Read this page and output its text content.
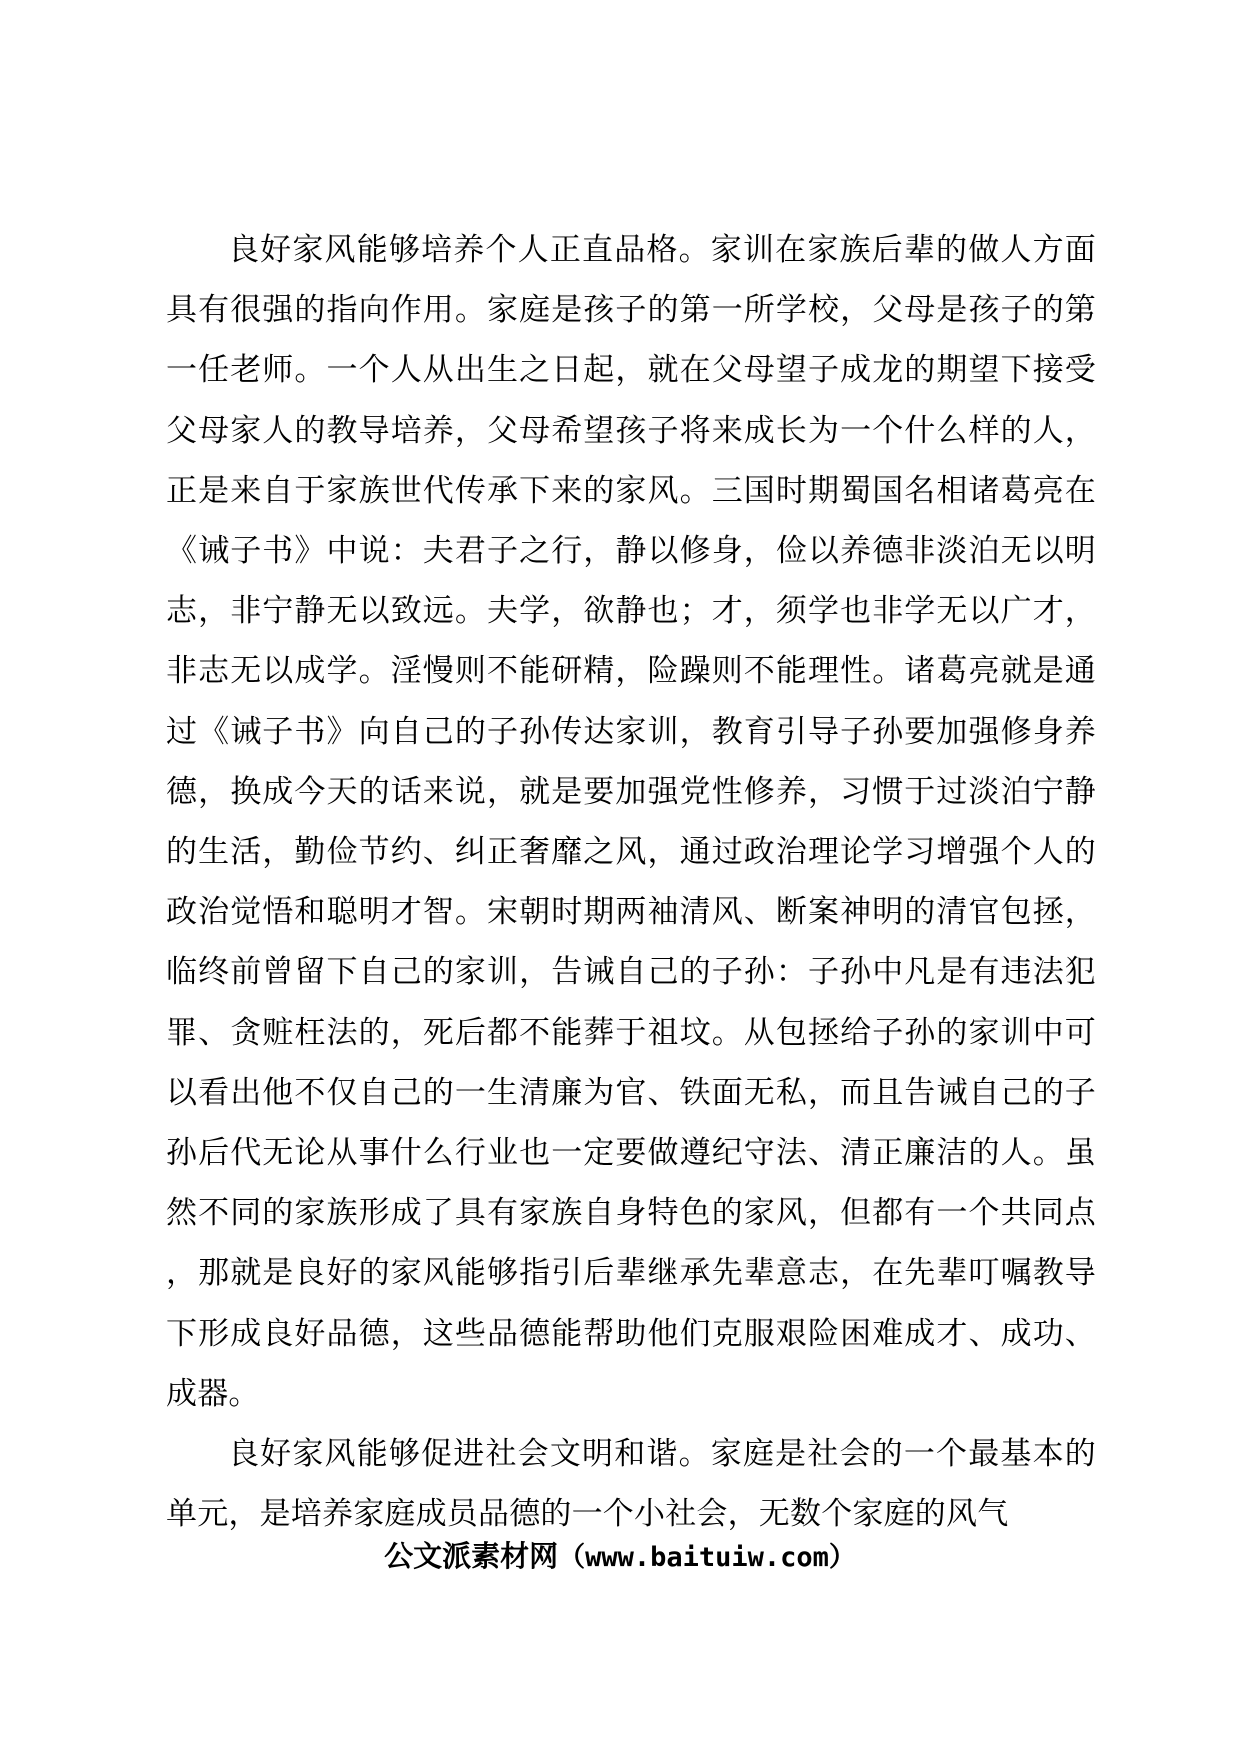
良好家风能够培养个人正直品格。家训在家族后辈的做人方面具有很强的指向作用。家庭是孩子的第一所学校，父母是孩子的第一任老师。一个人从出生之日起，就在父母望子成龙的期望下接受父母家人的教导培养，父母希望孩子将来成长为一个什么样的人，正是来自于家族世代传承下来的家风。三国时期蜀国名相诸葛亮在《诫子书》中说：夫君子之行，静以修身，俭以养德非淡泊无以明志，非宁静无以致远。夫学，欲静也；才，须学也非学无以广才，非志无以成学。淫慢则不能研精，险躁则不能理性。诸葛亮就是通过《诫子书》向自己的子孙传达家训，教育引导子孙要加强修身养德，换成今天的话来说，就是要加强党性修养，习惯于过淡泊宁静的生活，勤俭节约、纠正奢靡之风，通过政治理论学习增强个人的政治觉悟和聪明才智。宋朝时期两袖清风、断案神明的清官包拯，临终前曾留下自己的家训，告诫自己的子孙：子孙中凡是有违法犯罪、贪赃枉法的，死后都不能葬于祖坟。从包拯给子孙的家训中可以看出他不仅自己的一生清廉为官、铁面无私，而且告诫自己的子孙后代无论从事什么行业也一定要做遵纪守法、清正廉洁的人。虽然不同的家族形成了具有家族自身特色的家风，但都有一个共同点，那就是良好的家风能够指引后辈继承先辈意志，在先辈叮嘱教导下形成良好品德，这些品德能帮助他们克服艰险困难成才、成功、成器。

良好家风能够促进社会文明和谐。家庭是社会的一个最基本的单元，是培养家庭成员品德的一个小社会，无数个家庭的风气

公文派素材网（www.baituiw.com）
